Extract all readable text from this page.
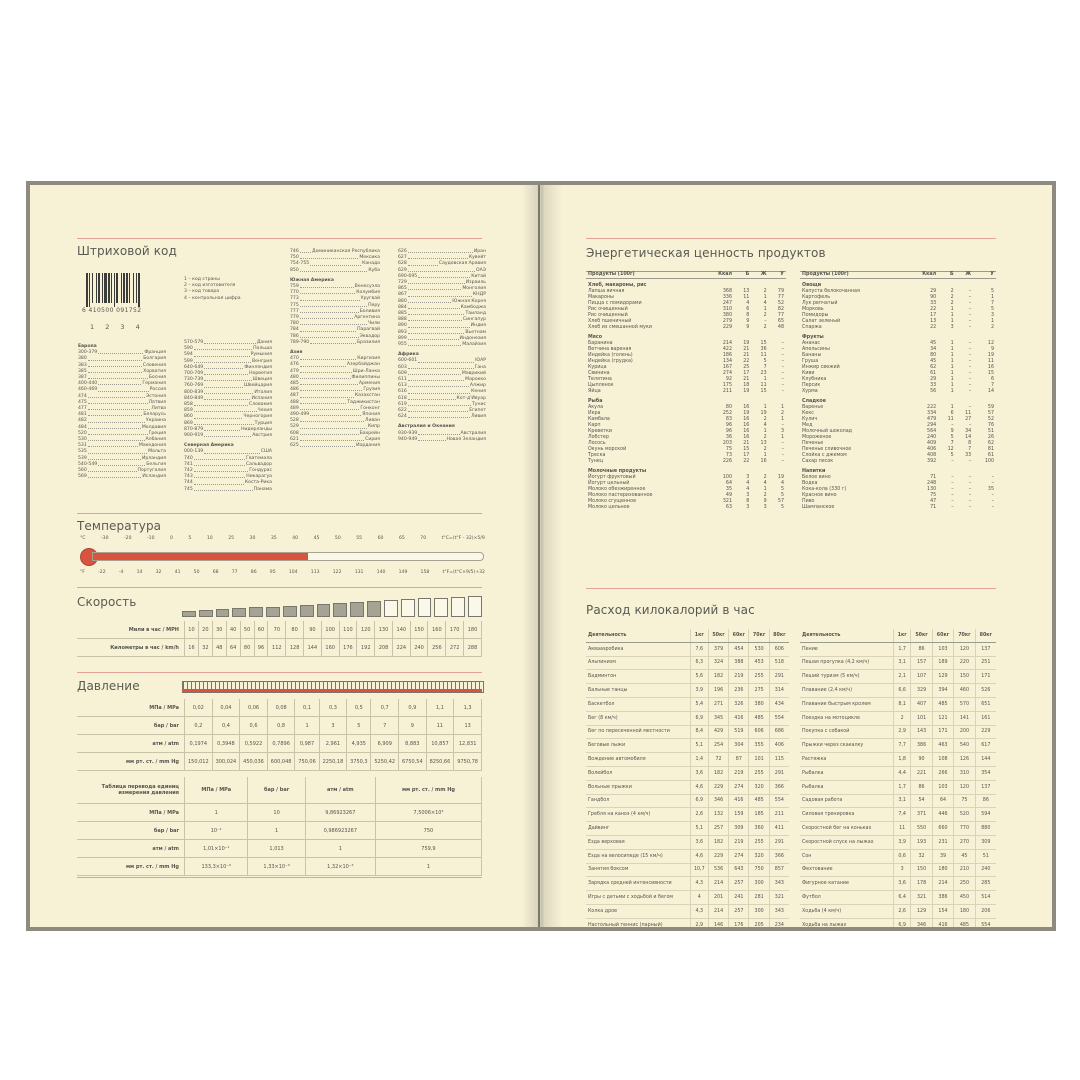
Штриховой код
6 410500 091752
1 2 3 4
1 – код страны
2 – код изготовителя
3 – код товара
4 – контрольная цифра
Европа
300-379	Франция
380	Болгария
383	Словения
385	Хорватия
387	Босния
400-440	Германия
460-469	Россия
474	Эстония
475	Латвия
477	Литва
481	Беларусь
482	Украина
484	Молдавия
520	Греция
530	Албания
531	Македония
535	Мальта
539	Ирландия
540-549	Бельгия
560	Португалия
569	Исландия
570-579	Дания
590	Польша
594	Румыния
599	Венгрия
640-649	Финляндия
700-709	Норвегия
730-739	Швеция
760-769	Швейцария
800-839	Италия
840-849	Испания
858	Словакия
859	Чехия
860	Черногория
869	Турция
870-879	Нидерланды
900-919	Австрия
Северная Америка
000-139	США
740	Гватемала
741	Сальвадор
742	Гондурас
743	Никарагуа
744	Коста-Рика
745	Панама
746	Доминиканская Республика
750	Мексика
754-755	Канада
850	Куба
Южная Америка
759	Венесуэла
770	Колумбия
773	Уругвай
775	Перу
777	Боливия
779	Аргентина
780	Чили
784	Парагвай
786	Эквадор
789-790	Бразилия
Азия
470	Киргизия
476	Азербайджан
479	Шри-Ланка
480	Филиппины
485	Армения
486	Грузия
487	Казахстан
488	Таджикистан
489	Гонконг
490-499	Япония
528	Ливан
529	Кипр
608	Бахрейн
621	Сирия
625	Иордания
626	Иран
627	Кувейт
628	Саудовская Аравия
629	ОАЭ
690-695	Китай
729	Израиль
865	Монголия
867	КНДР
880	Южная Корея
884	Камбоджа
885	Таиланд
888	Сингапур
890	Индия
893	Вьетнам
899	Индонезия
955	Малайзия
Африка
600-601	ЮАР
603	Гана
609	Маврикий
611	Марокко
613	Алжир
616	Кения
618	Кот-д'Ивуар
619	Тунис
622	Египет
624	Ливия
Австралия и Океания
930-939	Австралия
940-949	Новая Зеландия
Температура
°C	-30	-20	-10	0	5	10	25	30	35	40	45	50	55	60	65	70	t°C=(t°F - 32)×5/9
°F	-22	-4	14	32	41	50	68	77	86	95	104	113	122	131	140	149	158	t°F=(t°C×9/5)+32
Скорость
Мили в час / MPH	10	20	30	40	50	60	70	80	90	100	110	120	130	140	150	160	170	180
Километры в час / km/h	16	32	48	64	80	96	112	128	144	160	176	192	208	224	240	256	272	288
Давление
МПа / MPa	0,02	0,04	0,06	0,08	0,1	0,3	0,5	0,7	0,9	1,1	1,3
бар / bar	0,2	0,4	0,6	0,8	1	3	5	7	9	11	13
атм / atm	0,1974	0,3948	0,5922	0,7896	0,987	2,961	4,935	6,909	8,883	10,857	12,831
мм рт. ст. / mm Hg	150,012	300,024	450,036	600,048	750,06	2250,18	3750,3	5250,42	6750,54	8250,66	9750,78
Таблица перевода единиц измерения давления	МПа / MPa	бар / bar	атм / atm	мм рт. ст. / mm Hg
МПа / MPa	1	10	9,86923267	7,5006×10³
бар / bar	10⁻¹	1	0,986923267	750
атм / atm	1,01×10⁻¹	1,013	1	759,9
мм рт. ст. / mm Hg	133,3×10⁻⁶	1,33×10⁻³	1,32×10⁻³	1
Энергетическая ценность продуктов
Продукты (100г)	Ккал	Б	Ж	У
Хлеб, макароны, рис				
Лапша яичная	368	13	2	79
Макароны	336	11	1	77
Пицца с помидорами	247	4	4	52
Рис очищенный	310	6	1	82
Рис очищенный	380	8	2	77
Хлеб пшеничный	279	9	–	65
Хлеб из смешанной муки	229	9	2	48
Мясо				
Баранина	214	19	15	–
Ветчина вареная	422	21	36	–
Индейка (голень)	186	21	11	–
Индейка (грудка)	134	22	5	–
Курица	167	25	7	–
Свинина	274	17	23	–
Телятина	92	21	1	–
Цыпленок	175	18	11	–
Яйца	211	19	15	–
Рыба				
Акула	80	16	1	1
Икра	252	19	19	2
Камбала	83	16	2	1
Карп	96	16	4	–
Креветки	96	16	1	3
Лобстер	36	16	2	1
Лосось	203	21	13	–
Окунь морской	75	15	2	–
Треска	73	17	1	–
Тунец	226	22	16	–
Молочные продукты				
Йогурт фруктовый	100	3	2	19
Йогурт цельный	64	4	4	4
Молоко обезжиренное	35	4	1	5
Молоко пастеризованное	49	3	2	5
Молоко сгущенное	321	8	9	57
Молоко цельное	63	3	3	5
Продукты (100г)	Ккал	Б	Ж	У
Овощи				
Капуста белокочанная	29	2	–	5
Картофель	90	2	–	1
Лук репчатый	33	2	–	7
Морковь	22	1	–	5
Помидоры	17	1	–	3
Салат зеленый	13	1	–	1
Спаржа	22	3	–	2
Фрукты				
Ананас	45	1	–	12
Апельсины	34	1	–	9
Бананы	80	1	–	19
Груша	45	1	–	11
Инжир свежий	62	1	–	16
Киви	61	1	–	15
Клубника	29	1	–	6
Персик	33	1	–	7
Хурма	56	1	–	14
Сладкое				
Варенье	222	1	–	59
Кекс	334	6	11	57
Кулич	479	11	27	52
Мед	294	–	–	76
Молочный шоколад	564	9	34	51
Мороженое	240	5	14	26
Печенье	409	7	8	62
Печенье сливочное	406	12	7	81
Слойка с джемом	408	5	33	61
Сахар песок	392	–	–	100
Напитки				
Белое вино	71	–	–	–
Водка	248	–	–	–
Кока-кола (330 г)	130	–	–	35
Красное вино	75	–	–	–
Пиво	47	–	–	–
Шампанское	71	–	–	–
Расход килокалорий в час
Деятельность	1кг	50кг	60кг	70кг	80кг
Аквааэробика	7,6	379	454	530	606
Альпинизм	6,3	324	388	453	518
Бадминтон	5,6	182	219	255	291
Бальные танцы	3,9	196	236	275	314
Баскетбол	5,4	271	326	380	434
Бег (8 км/ч)	6,9	345	416	485	554
Бег по пересеченной местности	8,4	429	519	606	686
Беговые лыжи	5,1	254	304	355	406
Вождение автомобиля	1,4	72	87	101	115
Волейбол	3,6	182	219	255	291
Вольные прыжки	4,6	229	274	320	366
Гандбол	6,9	346	416	485	554
Гребля на каноэ (4 км/ч)	2,6	132	159	185	211
Дайвинг	5,1	257	309	360	411
Езда верховая	3,6	182	219	255	291
Езда на велосипеде (15 км/ч)	4,6	229	274	320	366
Занятия боксом	10,7	536	643	750	857
Зарядка средней интенсивности	4,3	214	257	300	343
Игры с детьми с ходьбой и бегом	4	201	241	281	321
Колка дров	4,3	214	257	300	343
Настольный теннис (парный)	2,9	146	176	205	234
Деятельность	1кг	50кг	60кг	70кг	80кг
Пение	1,7	86	103	120	137
Пешая прогулка (4,2 км/ч)	3,1	157	189	220	251
Пеший туризм (5 км/ч)	2,1	107	129	150	171
Плавание (2,4 км/ч)	6,6	329	394	460	526
Плавание быстрым кролем	8,1	407	485	570	651
Поездка на мотоцикле	2	101	121	141	161
Покупка с собакой	2,9	143	171	200	229
Прыжки через скакалку	7,7	386	463	540	617
Растяжка	1,8	90	108	126	144
Рыбалка	4,4	221	266	310	354
Рыбалка	1,7	86	103	120	137
Садовая работа	3,1	54	64	75	86
Силовая тренировка	7,4	371	446	520	594
Скоростной бег на коньках	11	550	660	770	880
Скоростной спуск на лыжах	3,9	193	231	270	309
Сон	0,6	32	39	45	51
Фехтование	3	150	180	210	240
Фигурное катание	3,6	178	214	250	285
Футбол	6,4	321	386	450	514
Ходьба (4 км/ч)	2,6	129	154	180	206
Ходьба на лыжах	6,9	346	416	485	554
